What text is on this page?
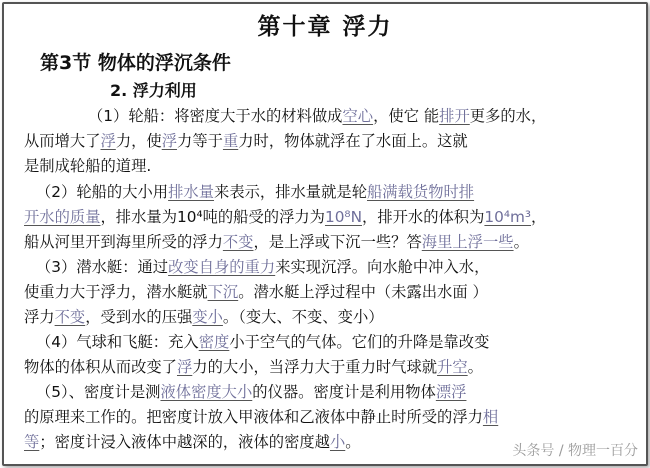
第十章 浮力
第3节 物体的浮沉条件
2. 浮力利用
（1）轮船：将密度大于水的材料做成空心，使它 能排开更多的水，
从而增大了浮力，使浮力等于重力时，物体就浮在了水面上。这就
是制成轮船的道理.
（2）轮船的大小用排水量来表示，排水量就是轮船满载货物时排
开水的质量，排水量为10⁴吨的船受的浮力为10⁸N，排开水的体积为10⁴m³，
船从河里开到海里所受的浮力不变，是上浮或下沉一些？答海里上浮一些。
（3）潜水艇：通过改变自身的重力来实现沉浮。向水舱中冲入水，
使重力大于浮力，潜水艇就下沉。潜水艇上浮过程中（未露出水面 ）
浮力不变，受到水的压强变小。（变大、不变、变小）
（4）气球和飞艇：充入密度小于空气的气体。它们的升降是靠改变
物体的体积从而改变了浮力的大小，当浮力大于重力时气球就升空。
（5）、密度计是测液体密度大小的仪器。密度计是利用物体漂浮
的原理来工作的。把密度计放入甲液体和乙液体中静止时所受的浮力相
等；密度计浸入液体中越深的，液体的密度越小。	头条号 / 物理一百分
